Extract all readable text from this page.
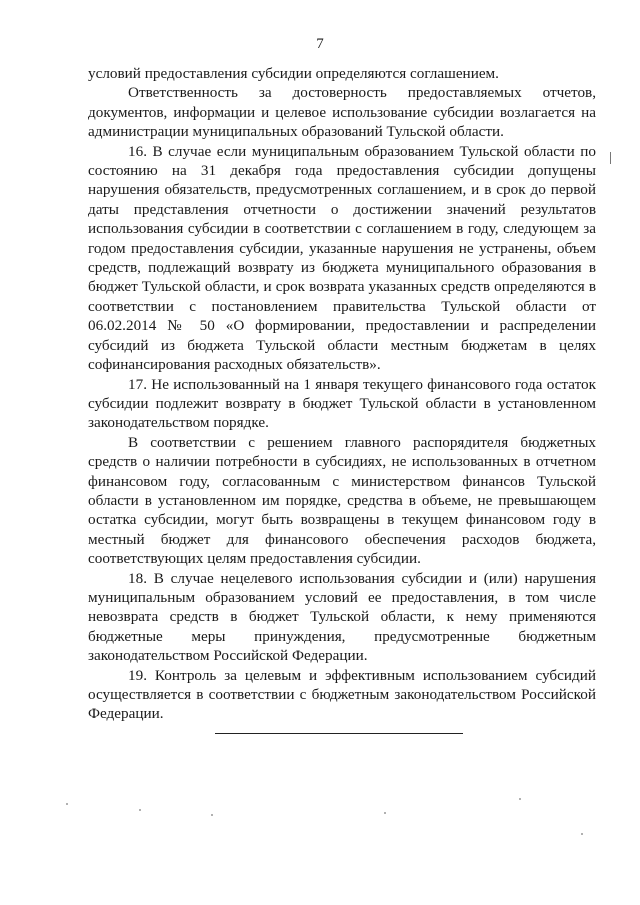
7

условий предоставления субсидии определяются соглашением.

Ответственность за достоверность предоставляемых отчетов, документов, информации и целевое использование субсидии возлагается на администрации муниципальных образований Тульской области.

16. В случае если муниципальным образованием Тульской области по состоянию на 31 декабря года предоставления субсидии допущены нарушения обязательств, предусмотренных соглашением, и в срок до первой даты представления отчетности о достижении значений результатов использования субсидии в соответствии с соглашением в году, следующем за годом предоставления субсидии, указанные нарушения не устранены, объем средств, подлежащий возврату из бюджета муниципального образования в бюджет Тульской области, и срок возврата указанных средств определяются в соответствии с постановлением правительства Тульской области от 06.02.2014 № 50 «О формировании, предоставлении и распределении субсидий из бюджета Тульской области местным бюджетам в целях софинансирования расходных обязательств».

17. Не использованный на 1 января текущего финансового года остаток субсидии подлежит возврату в бюджет Тульской области в установленном законодательством порядке.

В соответствии с решением главного распорядителя бюджетных средств о наличии потребности в субсидиях, не использованных в отчетном финансовом году, согласованным с министерством финансов Тульской области в установленном им порядке, средства в объеме, не превышающем остатка субсидии, могут быть возвращены в текущем финансовом году в местный бюджет для финансового обеспечения расходов бюджета, соответствующих целям предоставления субсидии.

18. В случае нецелевого использования субсидии и (или) нарушения муниципальным образованием условий ее предоставления, в том числе невозврата средств в бюджет Тульской области, к нему применяются бюджетные меры принуждения, предусмотренные бюджетным законодательством Российской Федерации.

19. Контроль за целевым и эффективным использованием субсидий осуществляется в соответствии с бюджетным законодательством Российской Федерации.
